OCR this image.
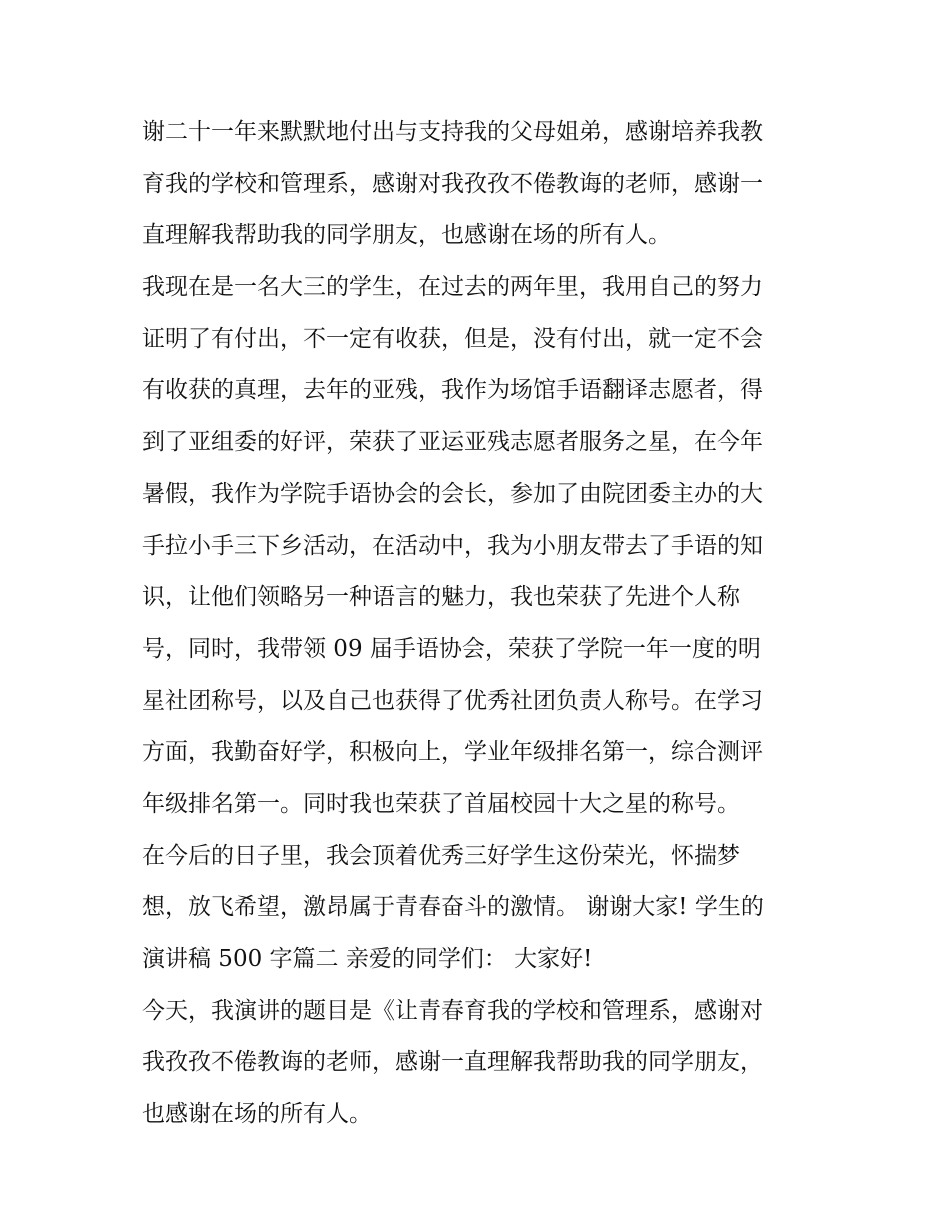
谢二十一年来默默地付出与支持我的父母姐弟，感谢培养我教
育我的学校和管理系，感谢对我孜孜不倦教诲的老师，感谢一
直理解我帮助我的同学朋友，也感谢在场的所有人。
我现在是一名大三的学生，在过去的两年里，我用自己的努力
证明了有付出，不一定有收获，但是，没有付出，就一定不会
有收获的真理，去年的亚残，我作为场馆手语翻译志愿者，得
到了亚组委的好评，荣获了亚运亚残志愿者服务之星，在今年
暑假，我作为学院手语协会的会长，参加了由院团委主办的大
手拉小手三下乡活动，在活动中，我为小朋友带去了手语的知
识，让他们领略另一种语言的魅力，我也荣获了先进个人称
号，同时，我带领 09 届手语协会，荣获了学院一年一度的明
星社团称号，以及自己也获得了优秀社团负责人称号。在学习
方面，我勤奋好学，积极向上，学业年级排名第一，综合测评
年级排名第一。同时我也荣获了首届校园十大之星的称号。
在今后的日子里，我会顶着优秀三好学生这份荣光，怀揣梦
想，放飞希望，激昂属于青春奋斗的激情。 谢谢大家! 学生的
演讲稿 500 字篇二 亲爱的同学们： 大家好!
今天，我演讲的题目是《让青春育我的学校和管理系，感谢对
我孜孜不倦教诲的老师，感谢一直理解我帮助我的同学朋友，
也感谢在场的所有人。
